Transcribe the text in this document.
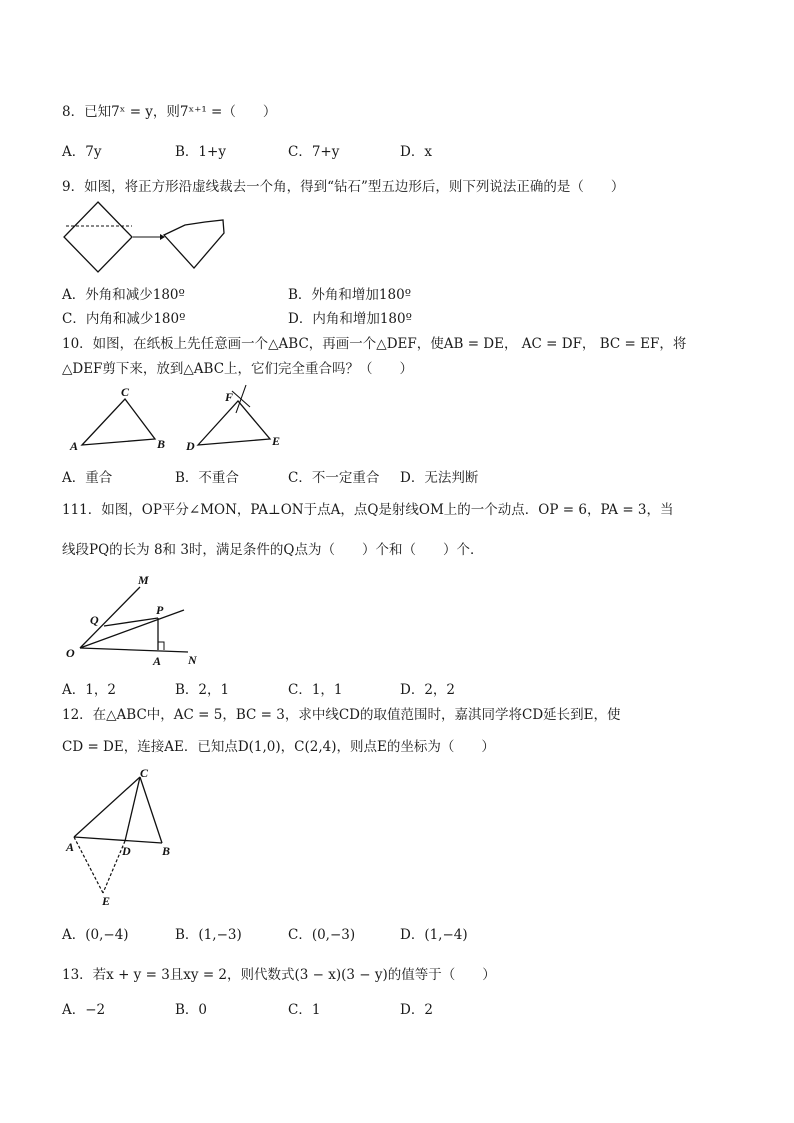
8．已知7ˣ = y，则7ˣ⁺¹ =（　　）
A．7y	B．1+y	C．7+y	D．x
9．如图，将正方形沿虚线裁去一个角，得到“钻石”型五边形后，则下列说法正确的是（　　）
A．外角和减少180º	B．外角和增加180º
C．内角和减少180º	D．内角和增加180º
10．如图，在纸板上先任意画一个△ABC，再画一个△DEF，使AB = DE， AC = DF， BC = EF，将
△DEF剪下来，放到△ABC上，它们完全重合吗？（　　）
C
A	B
F
D	E
A．重合	B．不重合	C．不一定重合 D．无法判断
111．如图，OP平分∠MON，PA⊥ON于点A，点Q是射线OM上的一个动点．OP = 6，PA = 3，当
线段PQ的长为 8和 3时，满足条件的Q点为（　　）个和（　　）个．
M
Q
P
O
A N
A．1，2	B．2，1	C．1，1	D．2，2
12．在△ABC中，AC = 5，BC = 3，求中线CD的取值范围时，嘉淇同学将CD延长到E，使
CD = DE，连接AE．已知点D(1,0)，C(2,4)，则点E的坐标为（　　）
C
A	D	B
E
A．(0,−4)	B．(1,−3)	C．(0,−3)	D．(1,−4)
13．若x + y = 3且xy = 2，则代数式(3 − x)(3 − y)的值等于（　　）
A．−2	B．0	C．1	D．2
